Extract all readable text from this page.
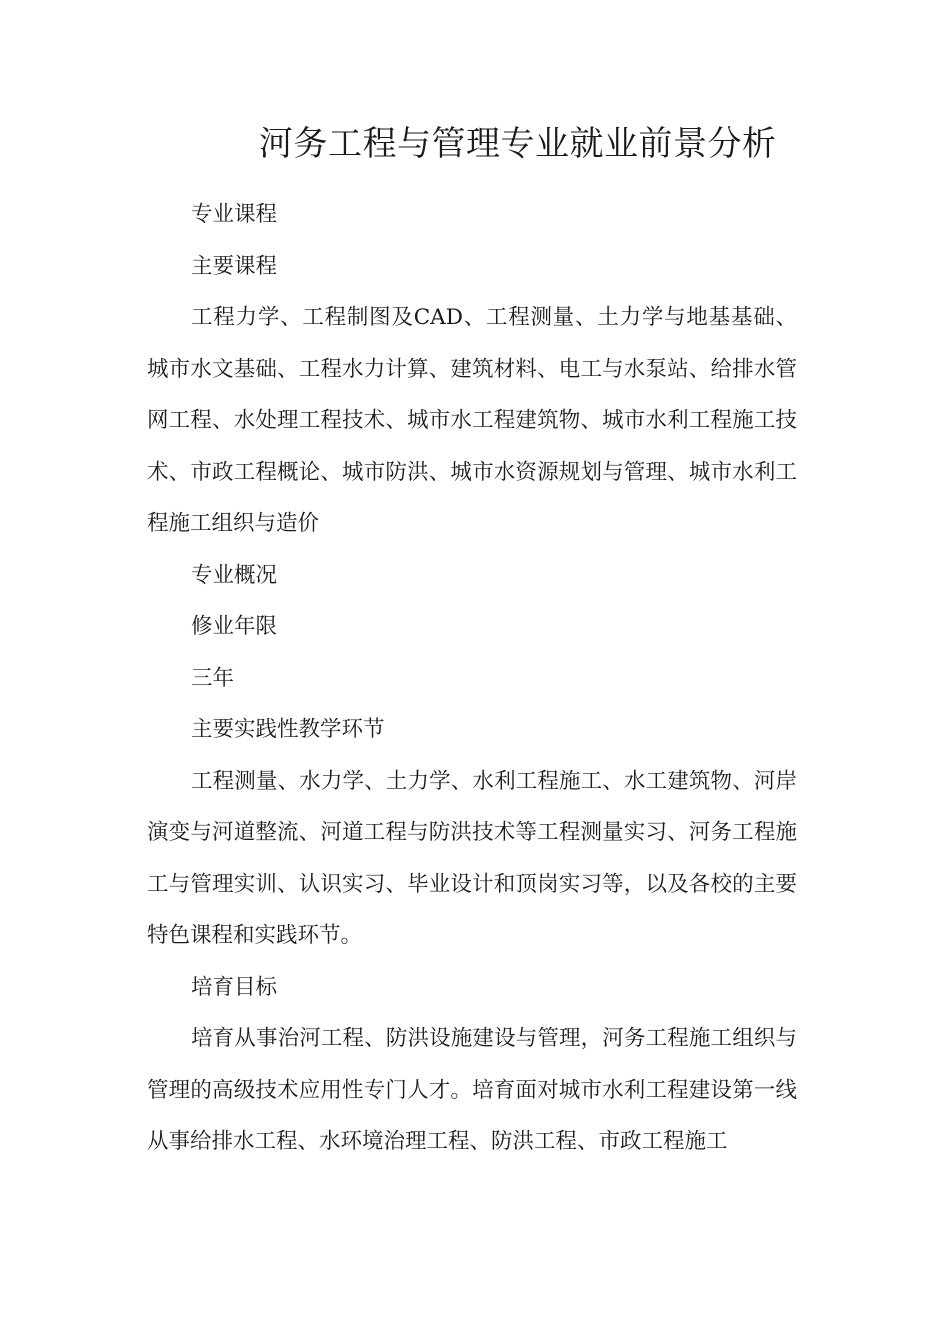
河务工程与管理专业就业前景分析

专业课程

主要课程

工程力学、工程制图及CAD、工程测量、土力学与地基基础、城市水文基础、工程水力计算、建筑材料、电工与水泵站、给排水管网工程、水处理工程技术、城市水工程建筑物、城市水利工程施工技术、市政工程概论、城市防洪、城市水资源规划与管理、城市水利工程施工组织与造价

专业概况

修业年限

三年

主要实践性教学环节

工程测量、水力学、土力学、水利工程施工、水工建筑物、河岸演变与河道整流、河道工程与防洪技术等工程测量实习、河务工程施工与管理实训、认识实习、毕业设计和顶岗实习等，以及各校的主要特色课程和实践环节。

培育目标

培育从事治河工程、防洪设施建设与管理，河务工程施工组织与管理的高级技术应用性专门人才。培育面对城市水利工程建设第一线从事给排水工程、水环境治理工程、防洪工程、市政工程施工
